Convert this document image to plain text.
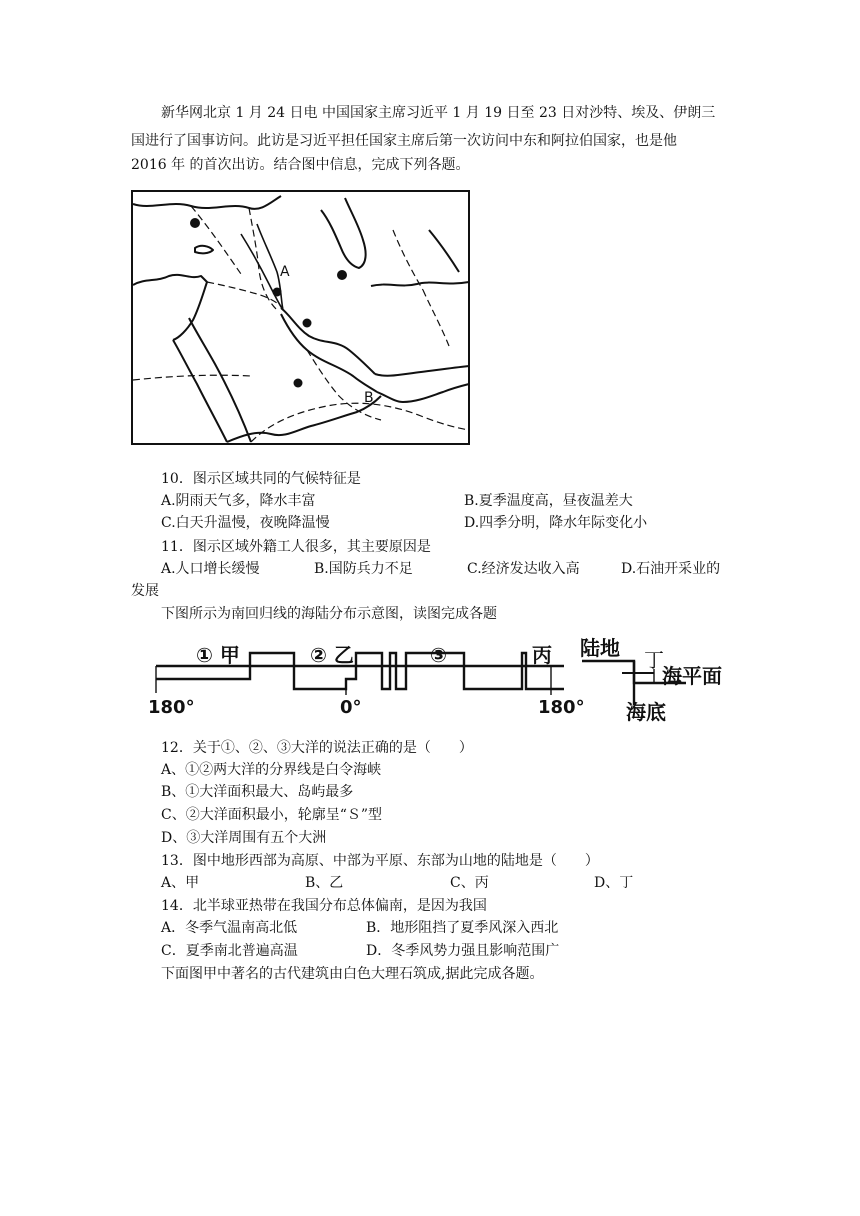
新华网北京 1 月 24 日电 中国国家主席习近平 1 月 19 日至 23 日对沙特、埃及、伊朗三
国进行了国事访问。此访是习近平担任国家主席后第一次访问中东和阿拉伯国家，也是他
2016 年 的首次出访。结合图中信息，完成下列各题。
A
B
10．图示区域共同的气候特征是
A.阴雨天气多，降水丰富	B.夏季温度高，昼夜温差大
C.白天升温慢，夜晚降温慢	D.四季分明，降水年际变化小
11．图示区域外籍工人很多，其主要原因是
A.人口增长缓慢	B.国防兵力不足	C.经济发达收入高	D.石油开采业的
发展
下图所示为南回归线的海陆分布示意图，读图完成各题
① 甲	② 乙	③	丙
180°	0°	180°
陆地 丁
海平面
海底
12．关于①、②、③大洋的说法正确的是（　　）
A、①②两大洋的分界线是白令海峡
B、①大洋面积最大、岛屿最多
C、②大洋面积最小，轮廓呈“Ｓ”型
D、③大洋周围有五个大洲
13．图中地形西部为高原、中部为平原、东部为山地的陆地是（　　）
A、甲	B、乙	C、丙	D、丁
14．北半球亚热带在我国分布总体偏南，是因为我国
A．冬季气温南高北低	B．地形阻挡了夏季风深入西北
C．夏季南北普遍高温	D．冬季风势力强且影响范围广
下面图甲中著名的古代建筑由白色大理石筑成,据此完成各题。
